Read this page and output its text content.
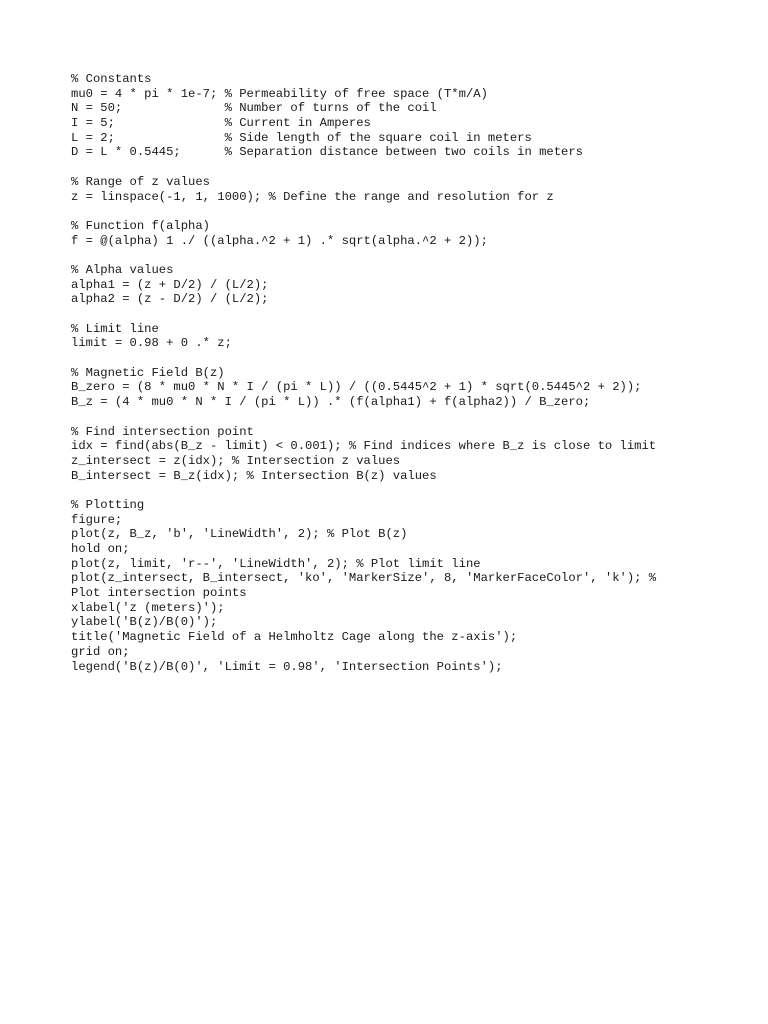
% Constants
mu0 = 4 * pi * 1e-7; % Permeability of free space (T*m/A)
N = 50;              % Number of turns of the coil
I = 5;               % Current in Amperes
L = 2;               % Side length of the square coil in meters
D = L * 0.5445;      % Separation distance between two coils in meters
% Range of z values
z = linspace(-1, 1, 1000); % Define the range and resolution for z
% Function f(alpha)
f = @(alpha) 1 ./ ((alpha.^2 + 1) .* sqrt(alpha.^2 + 2));
% Alpha values
alpha1 = (z + D/2) / (L/2);
alpha2 = (z - D/2) / (L/2);
% Limit line
limit = 0.98 + 0 .* z;
% Magnetic Field B(z)
B_zero = (8 * mu0 * N * I / (pi * L)) / ((0.5445^2 + 1) * sqrt(0.5445^2 + 2));
B_z = (4 * mu0 * N * I / (pi * L)) .* (f(alpha1) + f(alpha2)) / B_zero;
% Find intersection point
idx = find(abs(B_z - limit) < 0.001); % Find indices where B_z is close to limit
z_intersect = z(idx); % Intersection z values
B_intersect = B_z(idx); % Intersection B(z) values
% Plotting
figure;
plot(z, B_z, 'b', 'LineWidth', 2); % Plot B(z)
hold on;
plot(z, limit, 'r--', 'LineWidth', 2); % Plot limit line
plot(z_intersect, B_intersect, 'ko', 'MarkerSize', 8, 'MarkerFaceColor', 'k'); %
Plot intersection points
xlabel('z (meters)');
ylabel('B(z)/B(0)');
title('Magnetic Field of a Helmholtz Cage along the z-axis');
grid on;
legend('B(z)/B(0)', 'Limit = 0.98', 'Intersection Points');
